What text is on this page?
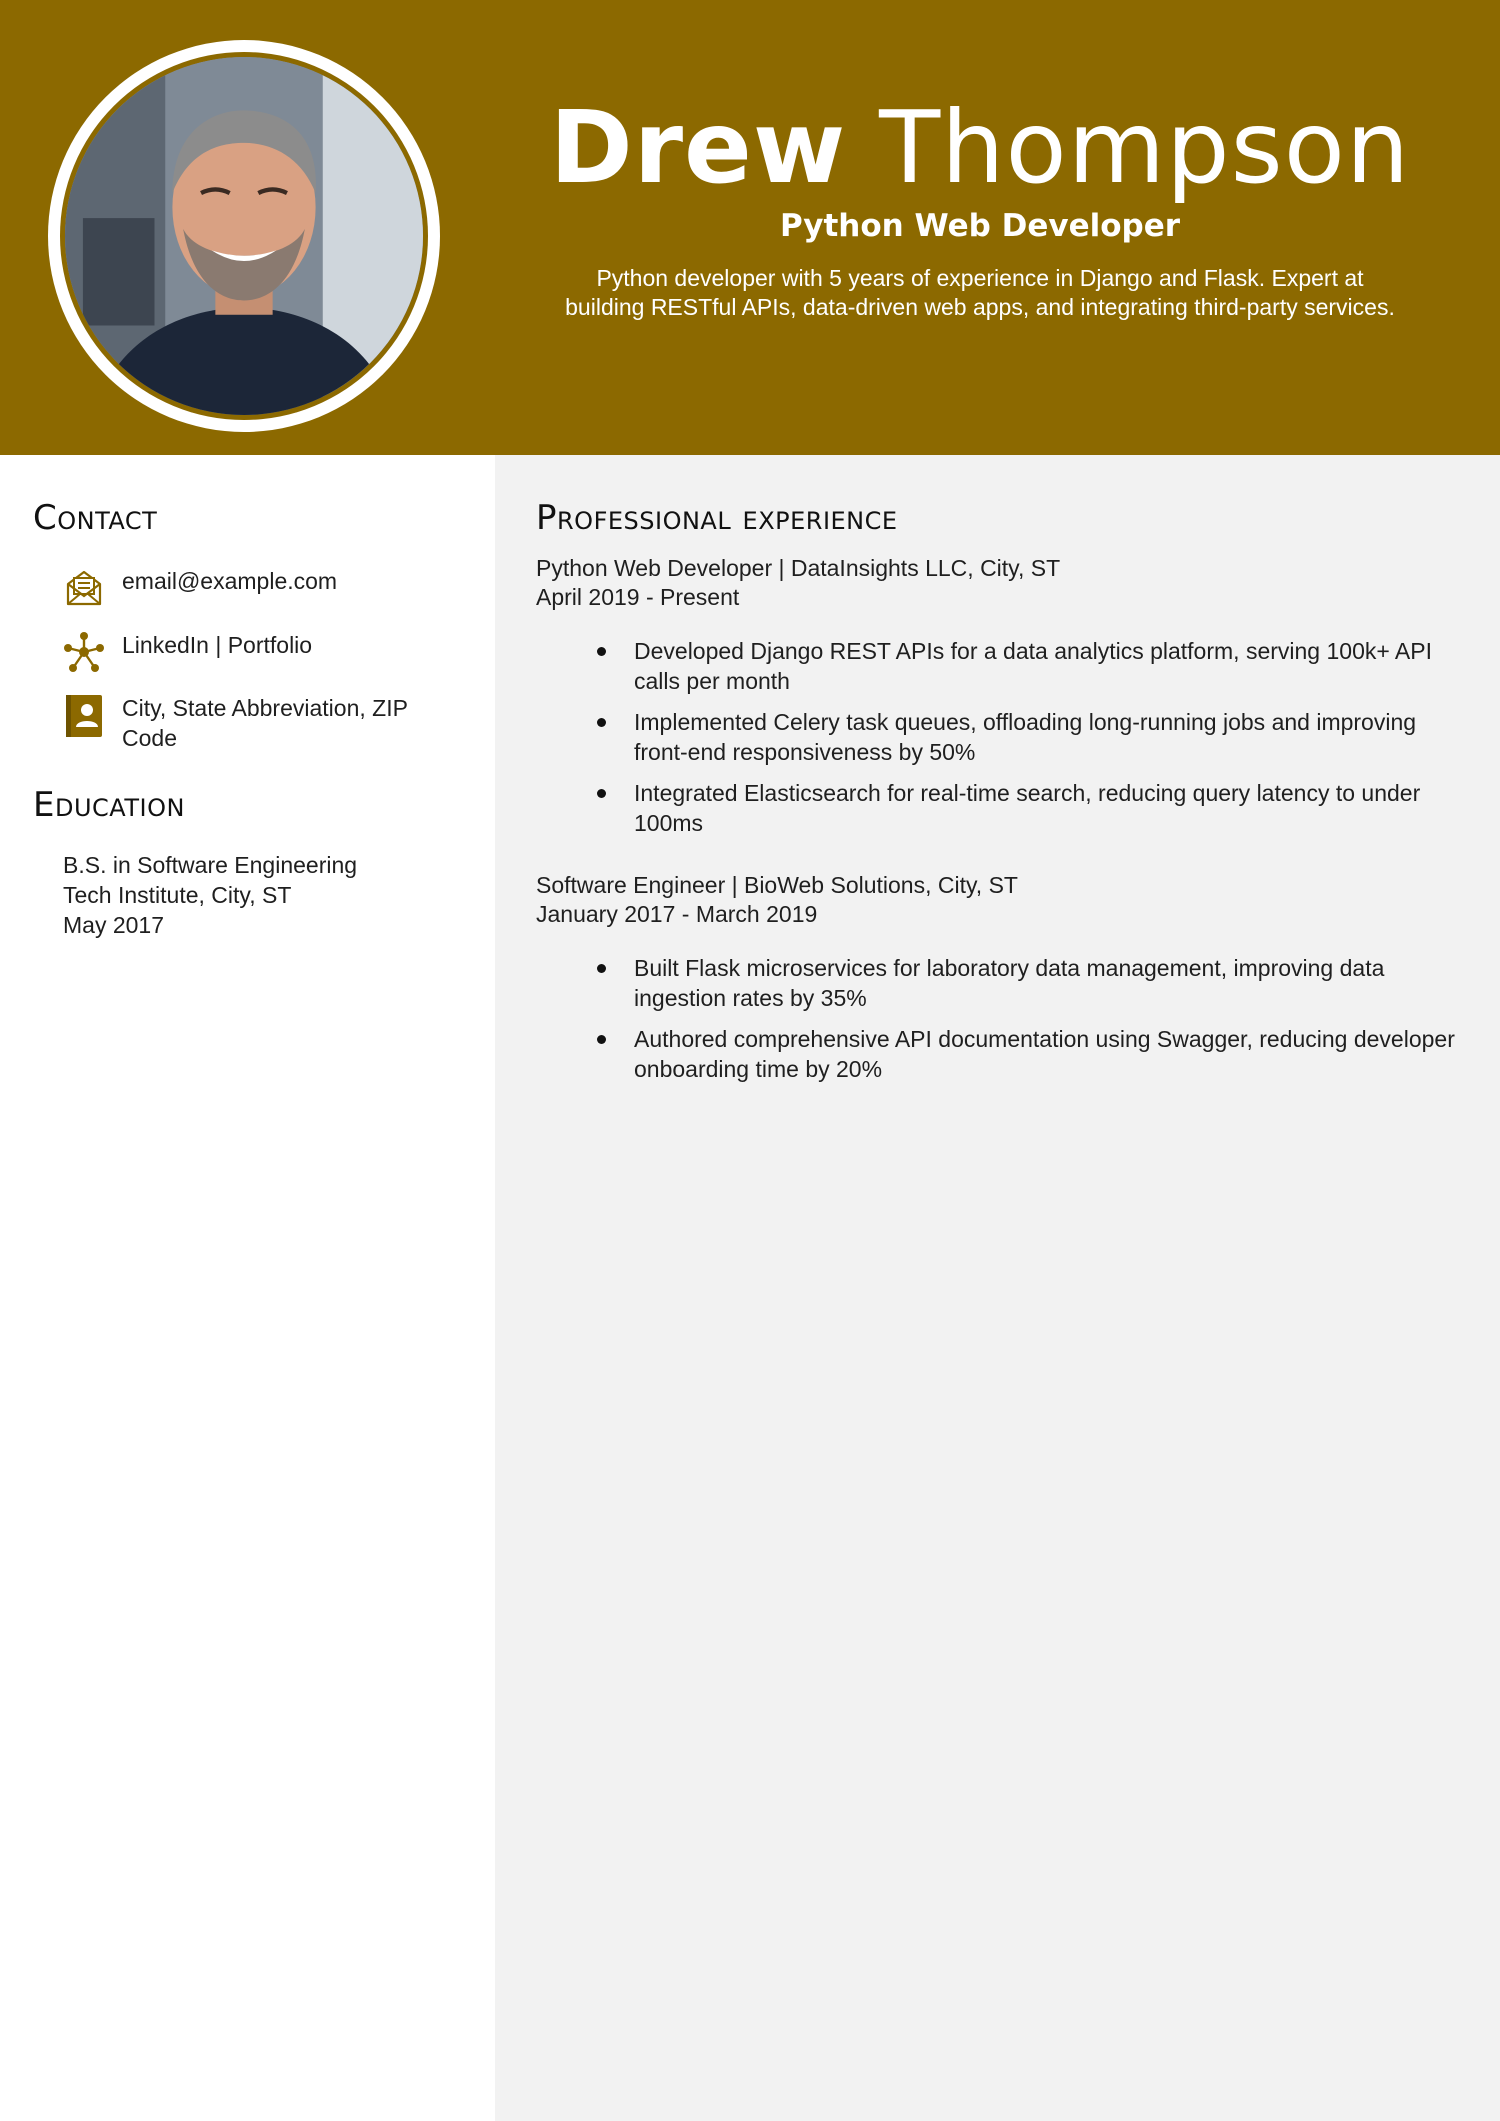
Drew Thompson
Python Web Developer
Python developer with 5 years of experience in Django and Flask. Expert at
building RESTful APIs, data-driven web apps, and integrating third-party services.
Contact
email@example.com
LinkedIn | Portfolio
City, State Abbreviation, ZIP
Code
Education
B.S. in Software Engineering
Tech Institute, City, ST
May 2017
Professional experience
Python Web Developer | DataInsights LLC, City, ST
April 2019 - Present
Developed Django REST APIs for a data analytics platform, serving 100k+ API calls per month
Implemented Celery task queues, offloading long-running jobs and improving front-end responsiveness by 50%
Integrated Elasticsearch for real-time search, reducing query latency to under 100ms
Software Engineer | BioWeb Solutions, City, ST
January 2017 - March 2019
Built Flask microservices for laboratory data management, improving data ingestion rates by 35%
Authored comprehensive API documentation using Swagger, reducing developer onboarding time by 20%
